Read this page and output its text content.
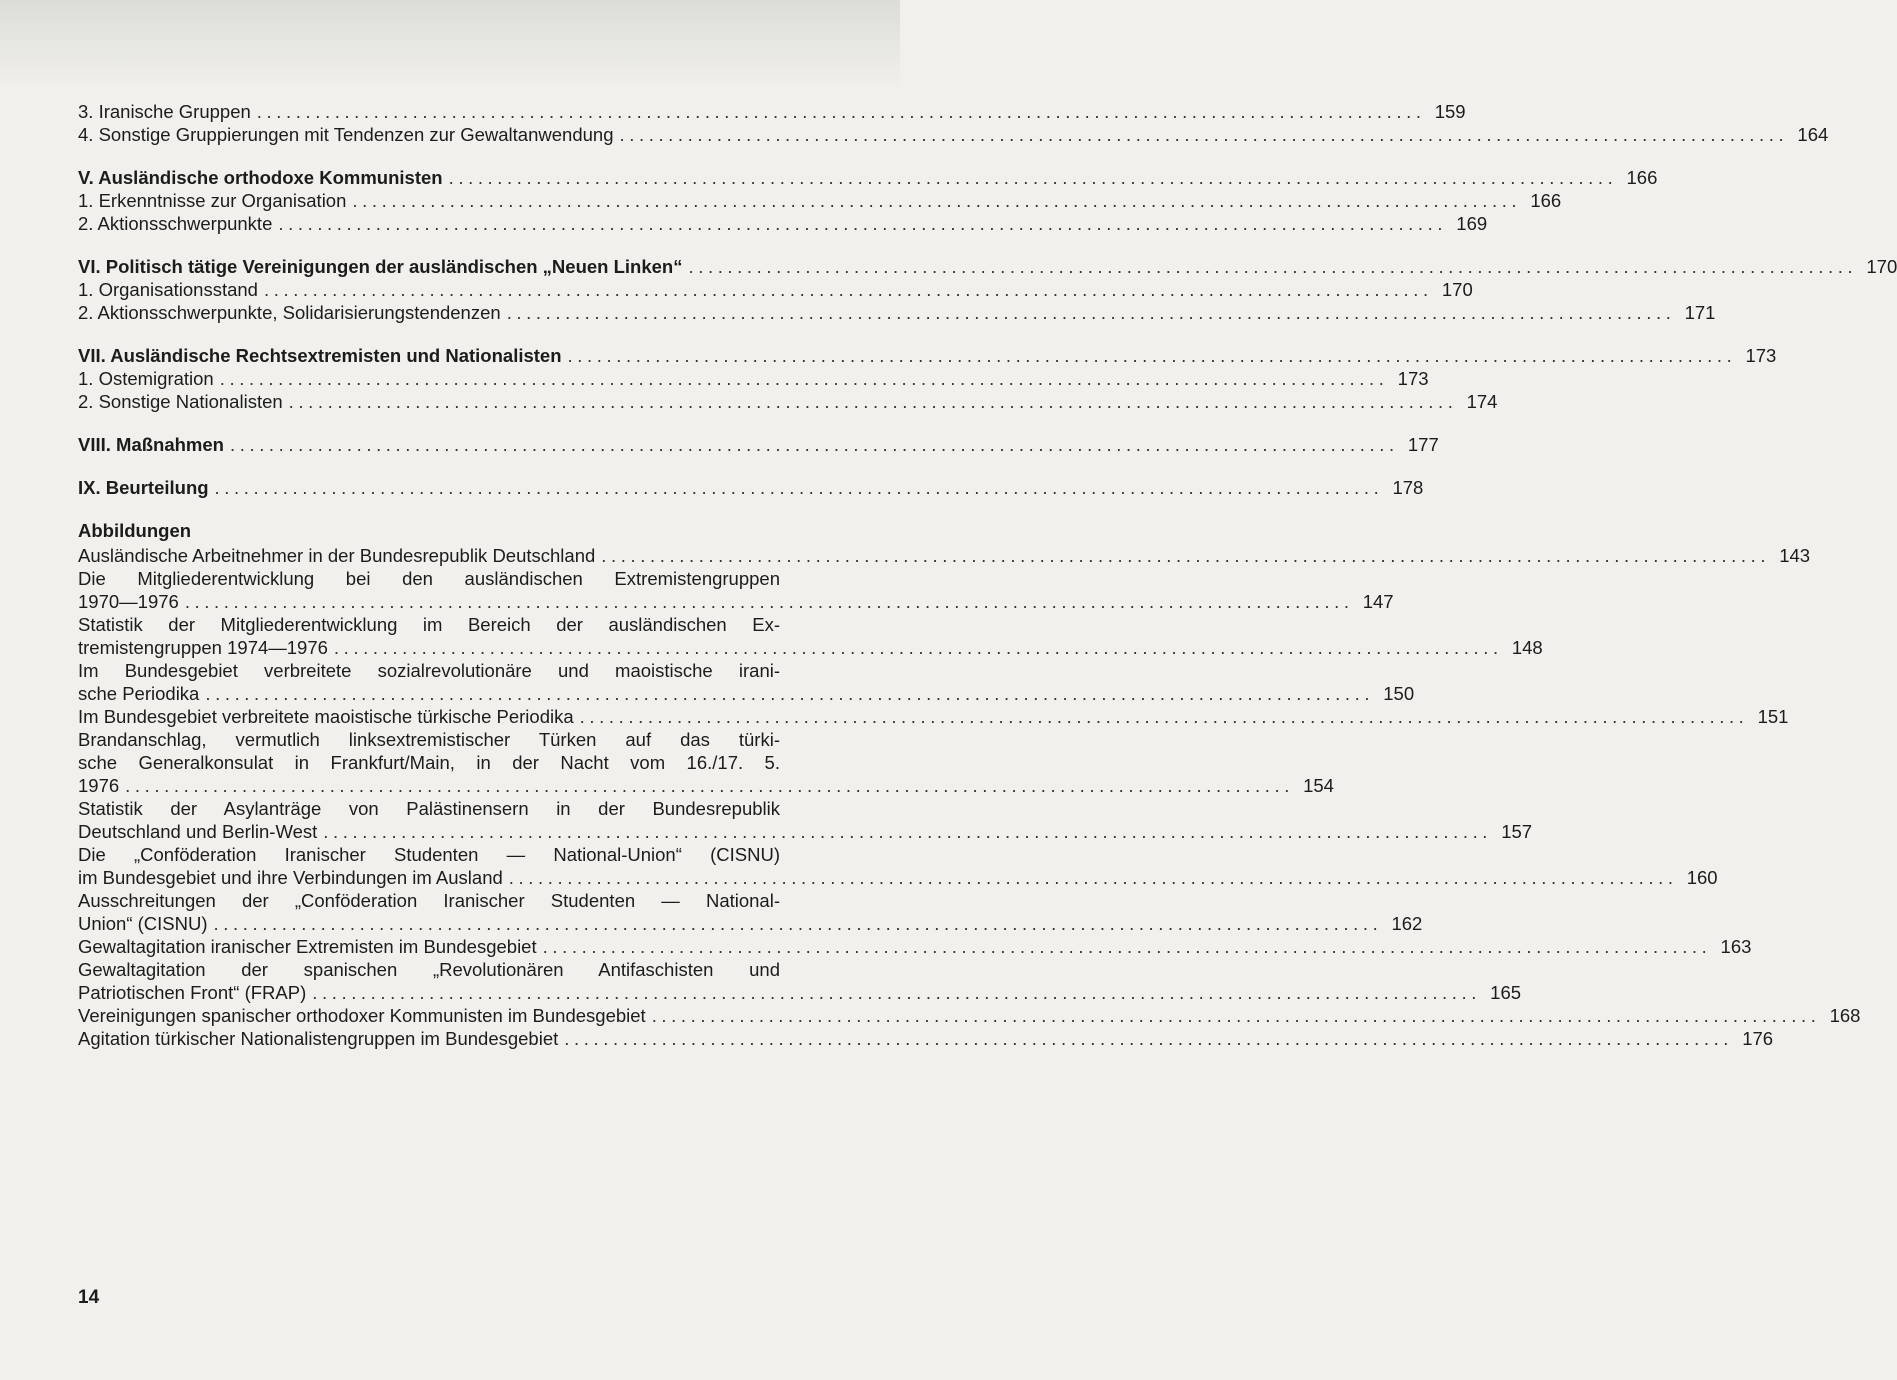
3. Iranische Gruppen ........................................................................................................................ 159
4. Sonstige Gruppierungen mit Tendenzen zur Gewaltanwendung ........................................................................................................................ 164
V. Ausländische orthodoxe Kommunisten ........................................................................................................................ 166
1. Erkenntnisse zur Organisation ........................................................................................................................ 166
2. Aktionsschwerpunkte ........................................................................................................................ 169
VI. Politisch tätige Vereinigungen der ausländischen „Neuen Linken“ ........................................................................................................................ 170
1. Organisationsstand ........................................................................................................................ 170
2. Aktionsschwerpunkte, Solidarisierungstendenzen ........................................................................................................................ 171
VII. Ausländische Rechtsextremisten und Nationalisten ........................................................................................................................ 173
1. Ostemigration ........................................................................................................................ 173
2. Sonstige Nationalisten ........................................................................................................................ 174
VIII. Maßnahmen ........................................................................................................................ 177
IX. Beurteilung ........................................................................................................................ 178
Abbildungen
Ausländische Arbeitnehmer in der Bundesrepublik Deutschland ........................................................................................................................ 143
Die Mitgliederentwicklung bei den ausländischen Extremistengruppen
1970—1976 ........................................................................................................................ 147
Statistik der Mitgliederentwicklung im Bereich der ausländischen Ex-
tremistengruppen 1974—1976 ........................................................................................................................ 148
Im Bundesgebiet verbreitete sozialrevolutionäre und maoistische irani-
sche Periodika ........................................................................................................................ 150
Im Bundesgebiet verbreitete maoistische türkische Periodika ........................................................................................................................ 151
Brandanschlag, vermutlich linksextremistischer Türken auf das türki-
sche Generalkonsulat in Frankfurt/Main, in der Nacht vom 16./17. 5.
1976 ........................................................................................................................ 154
Statistik der Asylanträge von Palästinensern in der Bundesrepublik
Deutschland und Berlin-West ........................................................................................................................ 157
Die „Conföderation Iranischer Studenten — National-Union“ (CISNU)
im Bundesgebiet und ihre Verbindungen im Ausland ........................................................................................................................ 160
Ausschreitungen der „Conföderation Iranischer Studenten — National-
Union“ (CISNU) ........................................................................................................................ 162
Gewaltagitation iranischer Extremisten im Bundesgebiet ........................................................................................................................ 163
Gewaltagitation der spanischen „Revolutionären Antifaschisten und
Patriotischen Front“ (FRAP) ........................................................................................................................ 165
Vereinigungen spanischer orthodoxer Kommunisten im Bundesgebiet ........................................................................................................................ 168
Agitation türkischer Nationalistengruppen im Bundesgebiet ........................................................................................................................ 176
14
